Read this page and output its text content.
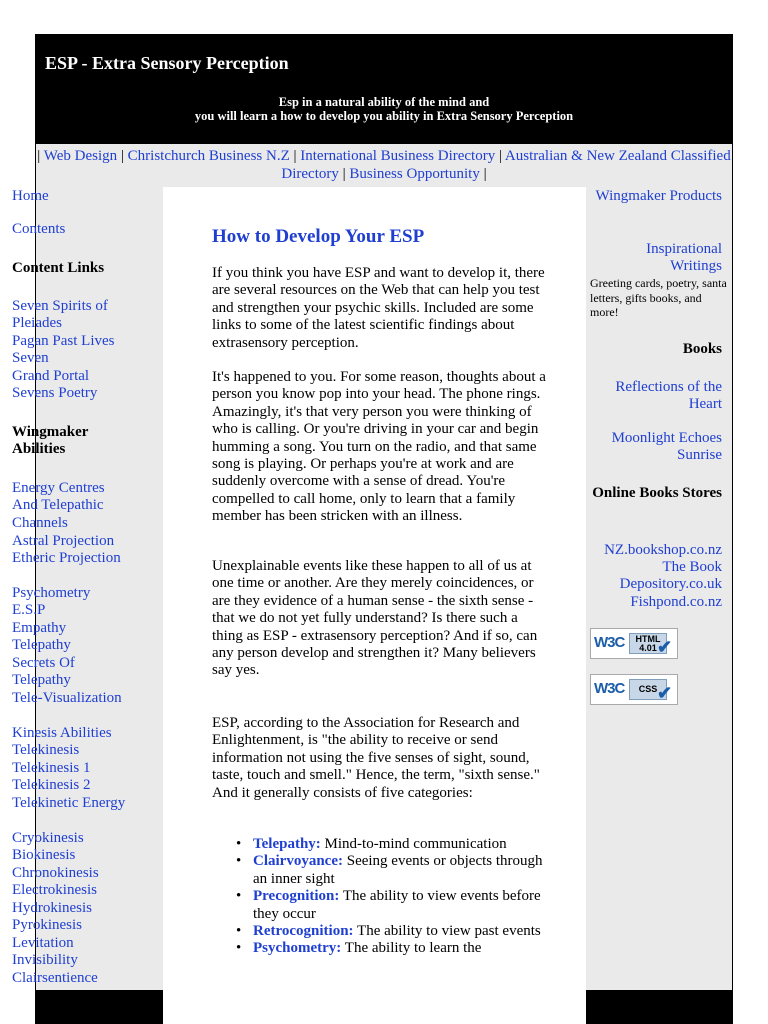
ESP - Extra Sensory Perception
Esp in a natural ability of the mind and
you will learn a how to develop you ability in Extra Sensory Perception
| Web Design | Christchurch Business N.Z | International Business Directory | Australian & New Zealand Classified Directory | Business Opportunity |
Home
Contents
Content Links
Seven Spirits of Pleiades
Pagan Past Lives Seven
Grand Portal
Sevens Poetry
Wingmaker Abilities
Energy Centres And Telepathic Channels
Astral Projection
Etheric Projection
Psychometry
E.S.P
Empathy
Telepathy
Secrets Of Telepathy
Tele-Visualization
Kinesis Abilities
Telekinesis
Telekinesis 1
Telekinesis 2
Telekinetic Energy
Cryokinesis
Biokinesis
Chronokinesis
Electrokinesis
Hydrokinesis
Pyrokinesis
Levitation
Invisibility
Clairsentience
Wingmaker Products
Inspirational Writings
Greeting cards, poetry, santa letters, gifts books, and more!
Books
Reflections of the Heart
Moonlight Echoes Sunrise
Online Books Stores
NZ.bookshop.co.nz
The Book Depository.co.uk
Fishpond.co.nz
W3C	HTML
4.01 ✔
W3C	CSS ✔
How to Develop Your ESP

If you think you have ESP and want to develop it, there are several resources on the Web that can help you test and strengthen your psychic skills. Included are some links to some of the latest scientific findings about extrasensory perception.

It's happened to you. For some reason, thoughts about a person you know pop into your head. The phone rings. Amazingly, it's that very person you were thinking of who is calling. Or you're driving in your car and begin humming a song. You turn on the radio, and that same song is playing. Or perhaps you're at work and are suddenly overcome with a sense of dread. You're compelled to call home, only to learn that a family member has been stricken with an illness.

Unexplainable events like these happen to all of us at one time or another. Are they merely coincidences, or are they evidence of a human sense - the sixth sense - that we do not yet fully understand? Is there such a thing as ESP - extrasensory perception? And if so, can any person develop and strengthen it? Many believers say yes.

ESP, according to the Association for Research and Enlightenment, is "the ability to receive or send information not using the five senses of sight, sound, taste, touch and smell." Hence, the term, "sixth sense." And it generally consists of five categories:

• Telepathy: Mind-to-mind communication
• Clairvoyance: Seeing events or objects through an inner sight
• Precognition: The ability to view events before they occur
• Retrocognition: The ability to view past events
• Psychometry: The ability to learn the
